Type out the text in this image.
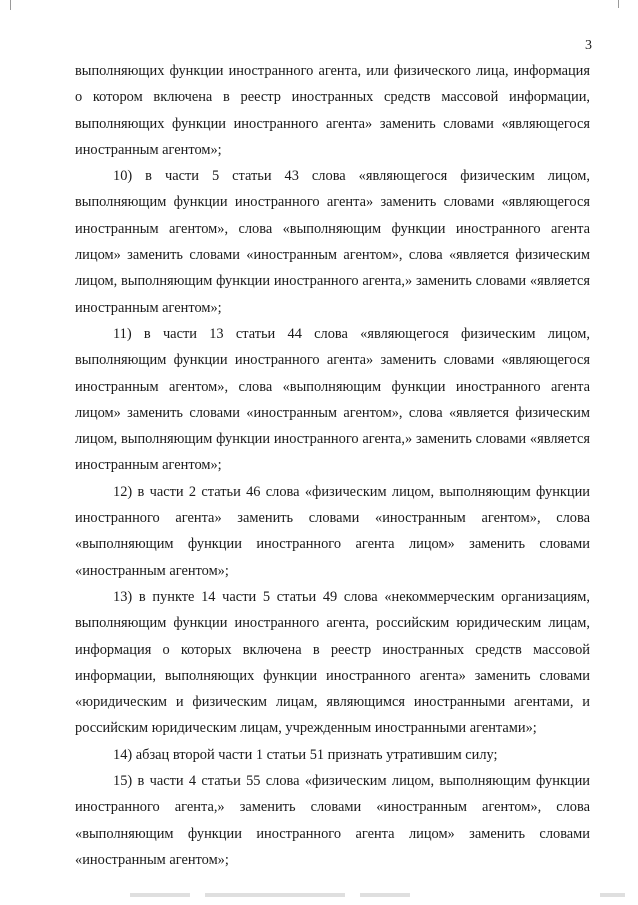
3

выполняющих функции иностранного агента, или физического лица, информация о котором включена в реестр иностранных средств массовой информации, выполняющих функции иностранного агента» заменить словами «являющегося иностранным агентом»;

10) в части 5 статьи 43 слова «являющегося физическим лицом, выполняющим функции иностранного агента» заменить словами «являющегося иностранным агентом», слова «выполняющим функции иностранного агента лицом» заменить словами «иностранным агентом», слова «является физическим лицом, выполняющим функции иностранного агента,» заменить словами «является иностранным агентом»;

11) в части 13 статьи 44 слова «являющегося физическим лицом, выполняющим функции иностранного агента» заменить словами «являющегося иностранным агентом», слова «выполняющим функции иностранного агента лицом» заменить словами «иностранным агентом», слова «является физическим лицом, выполняющим функции иностранного агента,» заменить словами «является иностранным агентом»;

12) в части 2 статьи 46 слова «физическим лицом, выполняющим функции иностранного агента» заменить словами «иностранным агентом», слова «выполняющим функции иностранного агента лицом» заменить словами «иностранным агентом»;

13) в пункте 14 части 5 статьи 49 слова «некоммерческим организациям, выполняющим функции иностранного агента, российским юридическим лицам, информация о которых включена в реестр иностранных средств массовой информации, выполняющих функции иностранного агента» заменить словами «юридическим и физическим лицам, являющимся иностранными агентами, и российским юридическим лицам, учрежденным иностранными агентами»;

14) абзац второй части 1 статьи 51 признать утратившим силу;

15) в части 4 статьи 55 слова «физическим лицом, выполняющим функции иностранного агента,» заменить словами «иностранным агентом», слова «выполняющим функции иностранного агента лицом» заменить словами «иностранным агентом»;
